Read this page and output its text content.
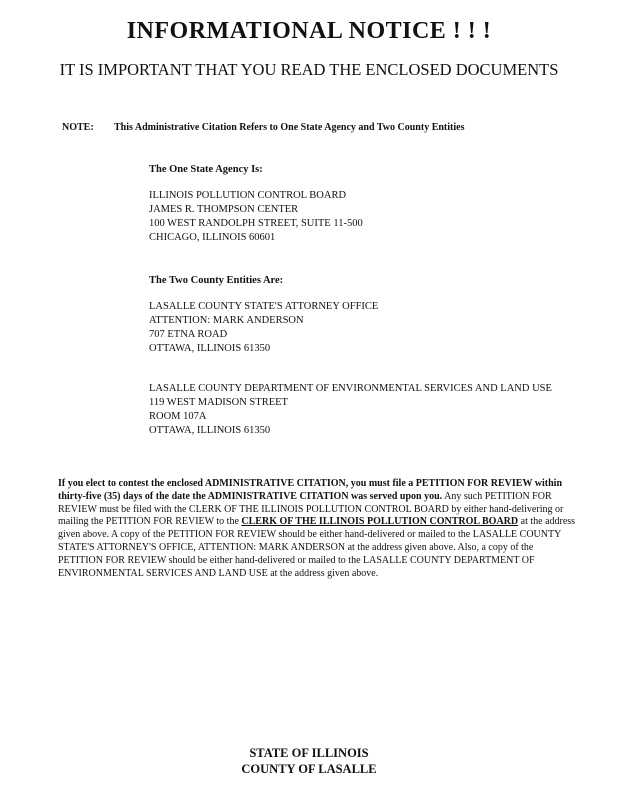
INFORMATIONAL NOTICE ! ! !
IT IS IMPORTANT THAT YOU READ THE ENCLOSED DOCUMENTS
NOTE: This Administrative Citation Refers to One State Agency and Two County Entities
The One State Agency Is:
ILLINOIS POLLUTION CONTROL BOARD
JAMES R. THOMPSON CENTER
100 WEST RANDOLPH STREET, SUITE 11-500
CHICAGO, ILLINOIS 60601
The Two County Entities Are:
LASALLE COUNTY STATE'S ATTORNEY OFFICE
ATTENTION: MARK ANDERSON
707 ETNA ROAD
OTTAWA, ILLINOIS 61350
LASALLE COUNTY DEPARTMENT OF ENVIRONMENTAL SERVICES AND LAND USE
119 WEST MADISON STREET
ROOM 107A
OTTAWA, ILLINOIS 61350
If you elect to contest the enclosed ADMINISTRATIVE CITATION, you must file a PETITION FOR REVIEW within thirty-five (35) days of the date the ADMINISTRATIVE CITATION was served upon you. Any such PETITION FOR REVIEW must be filed with the CLERK OF THE ILLINOIS POLLUTION CONTROL BOARD by either hand-delivering or mailing the PETITION FOR REVIEW to the CLERK OF THE ILLINOIS POLLUTION CONTROL BOARD at the address given above. A copy of the PETITION FOR REVIEW should be either hand-delivered or mailed to the LASALLE COUNTY STATE'S ATTORNEY'S OFFICE, ATTENTION: MARK ANDERSON at the address given above. Also, a copy of the PETITION FOR REVIEW should be either hand-delivered or mailed to the LASALLE COUNTY DEPARTMENT OF ENVIRONMENTAL SERVICES AND LAND USE at the address given above.
STATE OF ILLINOIS
COUNTY OF LASALLE
